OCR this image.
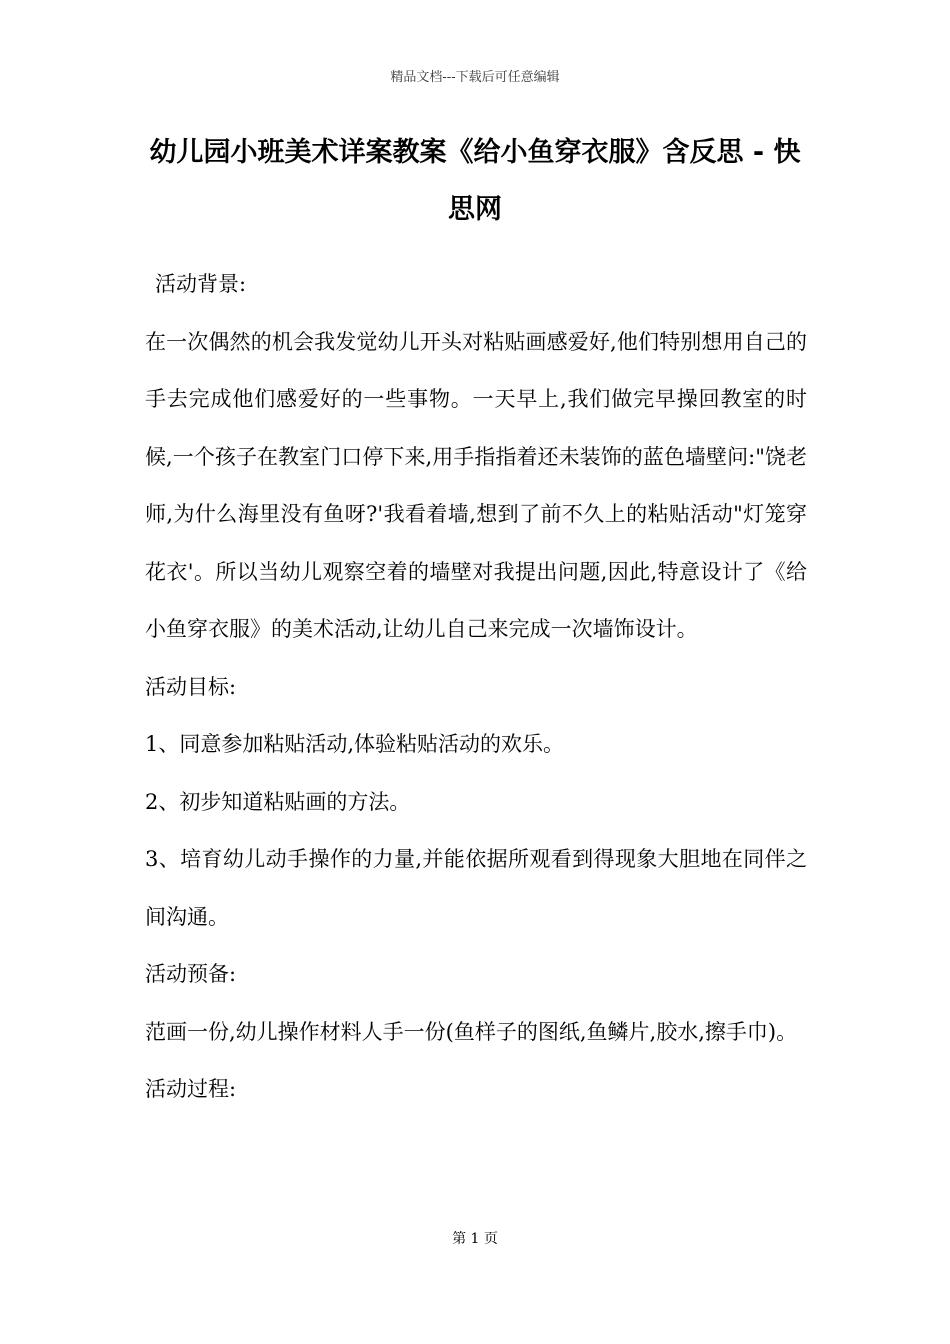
精品文档---下载后可任意编辑
幼儿园小班美术详案教案《给小鱼穿衣服》含反思 - 快思网

活动背景:

在一次偶然的机会我发觉幼儿开头对粘贴画感爱好,他们特别想用自己的手去完成他们感爱好的一些事物。一天早上,我们做完早操回教室的时候,一个孩子在教室门口停下来,用手指指着还未装饰的蓝色墙壁问:"饶老师,为什么海里没有鱼呀?'我看着墙,想到了前不久上的粘贴活动"灯笼穿花衣'。所以当幼儿观察空着的墙壁对我提出问题,因此,特意设计了《给小鱼穿衣服》的美术活动,让幼儿自己来完成一次墙饰设计。

活动目标:

1、同意参加粘贴活动,体验粘贴活动的欢乐。

2、初步知道粘贴画的方法。

3、培育幼儿动手操作的力量,并能依据所观看到得现象大胆地在同伴之间沟通。

活动预备:

范画一份,幼儿操作材料人手一份(鱼样子的图纸,鱼鳞片,胶水,擦手巾)。

活动过程:

第 1 页
